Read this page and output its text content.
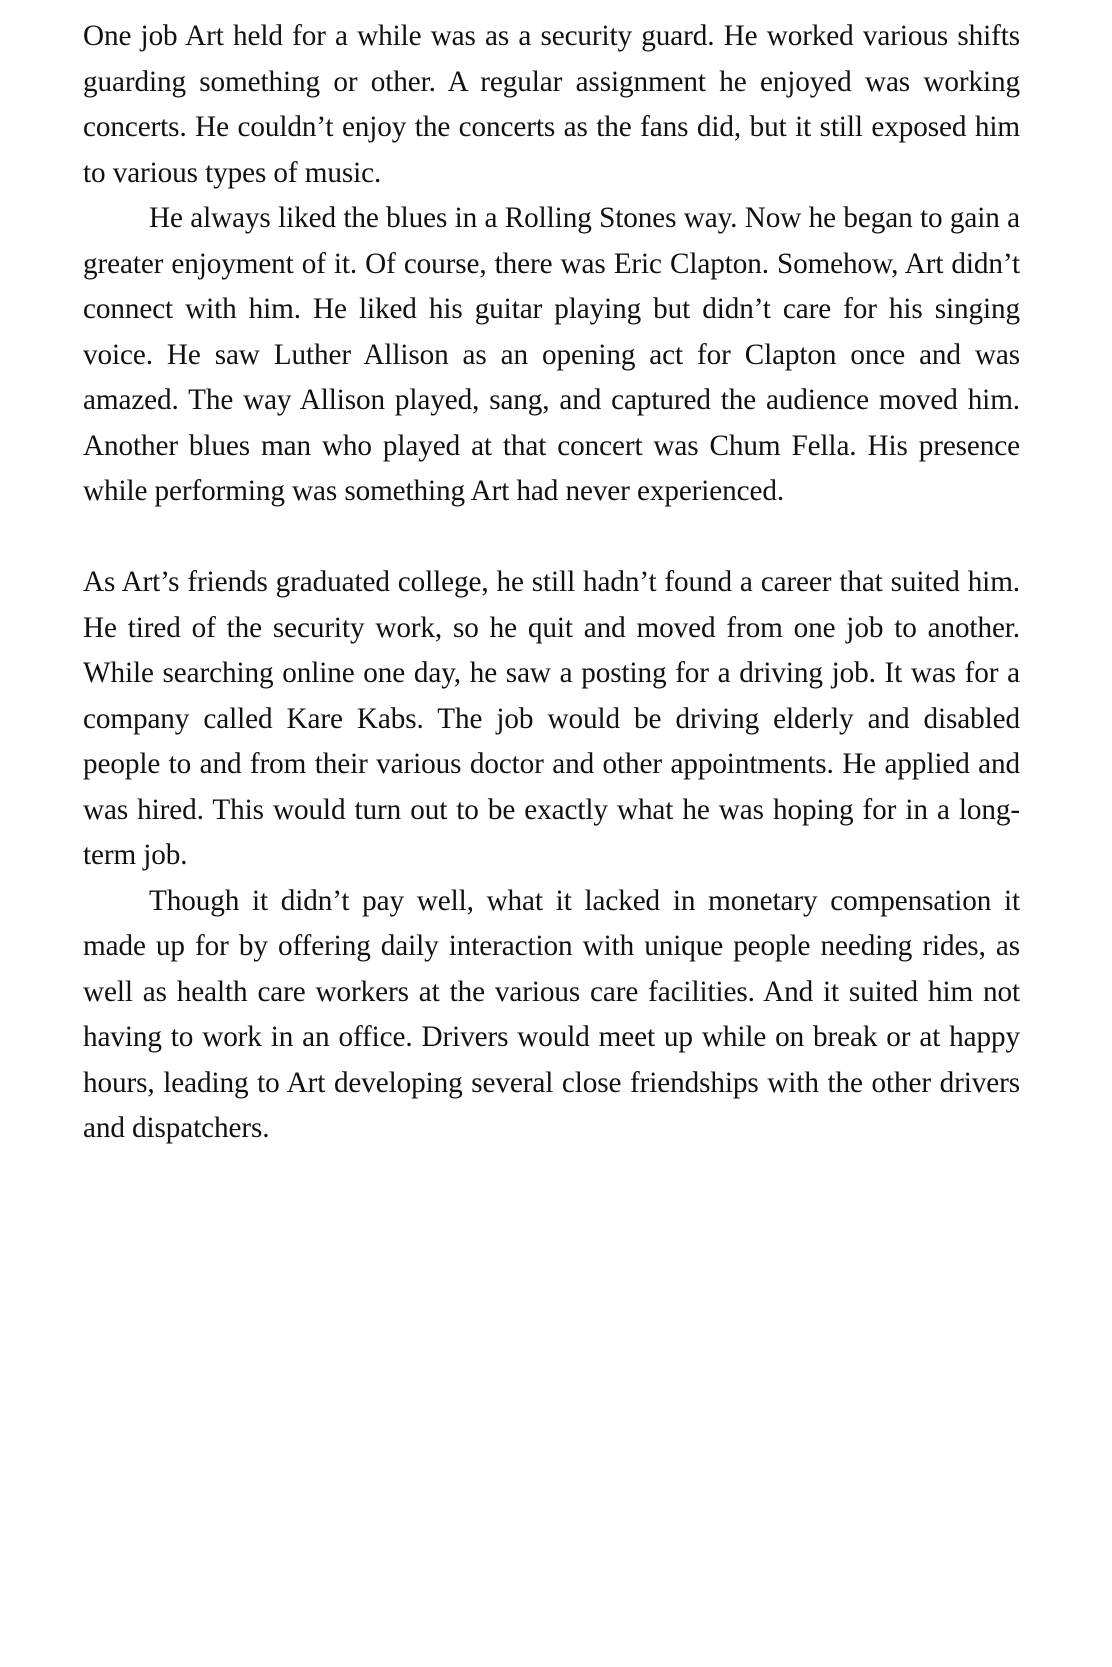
One job Art held for a while was as a security guard. He worked various shifts guarding something or other. A regular assignment he enjoyed was working concerts. He couldn’t enjoy the concerts as the fans did, but it still exposed him to various types of music.

He always liked the blues in a Rolling Stones way. Now he began to gain a greater enjoyment of it. Of course, there was Eric Clapton. Somehow, Art didn’t connect with him. He liked his guitar playing but didn’t care for his singing voice. He saw Luther Allison as an opening act for Clapton once and was amazed. The way Allison played, sang, and captured the audience moved him. Another blues man who played at that concert was Chum Fella. His presence while performing was something Art had never experienced.

As Art’s friends graduated college, he still hadn’t found a career that suited him. He tired of the security work, so he quit and moved from one job to another. While searching online one day, he saw a posting for a driving job. It was for a company called Kare Kabs. The job would be driving elderly and disabled people to and from their various doctor and other appointments. He applied and was hired. This would turn out to be exactly what he was hoping for in a long-term job.

Though it didn’t pay well, what it lacked in monetary compensation it made up for by offering daily interaction with unique people needing rides, as well as health care workers at the various care facilities. And it suited him not having to work in an office. Drivers would meet up while on break or at happy hours, leading to Art developing several close friendships with the other drivers and dispatchers.
